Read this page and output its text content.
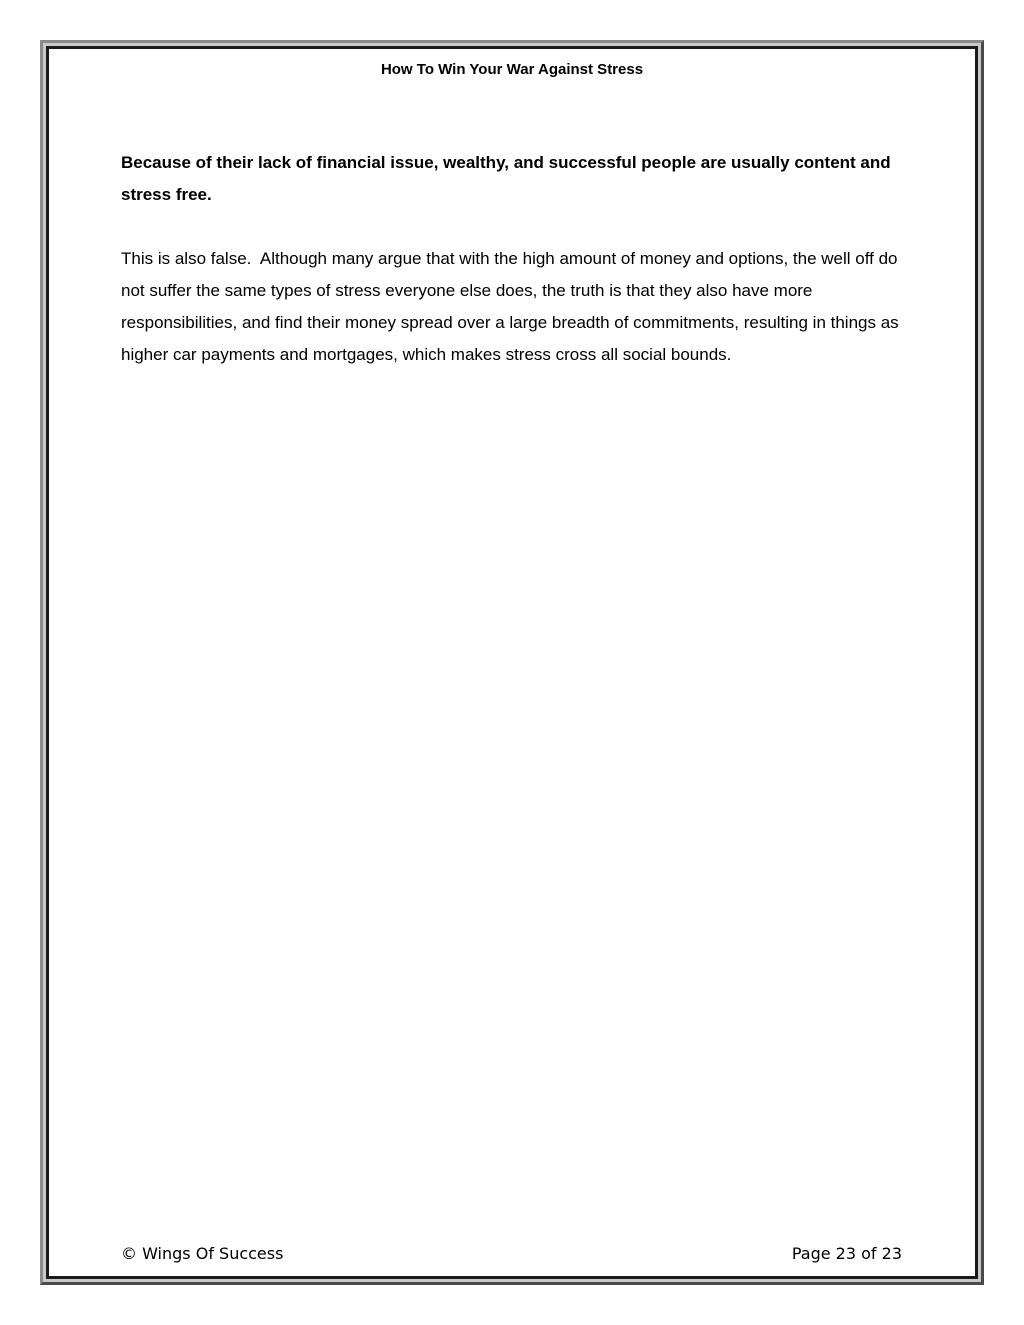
How To Win Your War Against Stress

Because of their lack of financial issue, wealthy, and successful people are usually content and stress free.

This is also false.  Although many argue that with the high amount of money and options, the well off do not suffer the same types of stress everyone else does, the truth is that they also have more responsibilities, and find their money spread over a large breadth of commitments, resulting in things as higher car payments and mortgages, which makes stress cross all social bounds.

© Wings Of Success	Page 23 of 23
